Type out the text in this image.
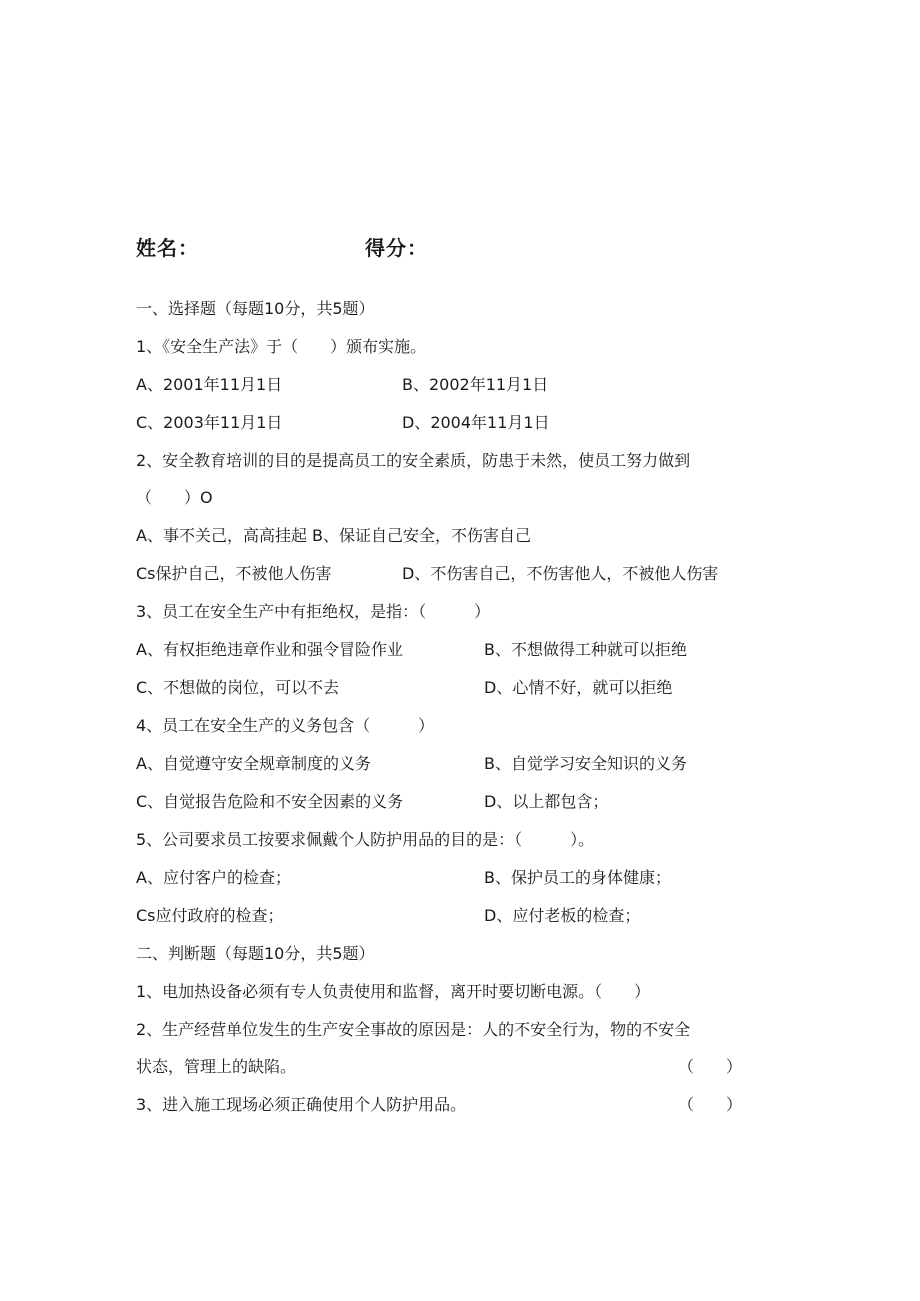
姓名：	得分：
一、选择题（每题10分，共5题）
1、《安全生产法》于（　　）颁布实施。
A、2001年11月1日	B、2002年11月1日
C、2003年11月1日	D、2004年11月1日
2、安全教育培训的目的是提高员工的安全素质，防患于未然，使员工努力做到
（　　）O
A、事不关己，高高挂起 B、保证自己安全，不伤害自己
Cs保护自己，不被他人伤害	D、不伤害自己，不伤害他人，不被他人伤害
3、员工在安全生产中有拒绝权，是指：（　　　）
A、有权拒绝违章作业和强令冒险作业	B、不想做得工种就可以拒绝
C、不想做的岗位，可以不去	D、心情不好，就可以拒绝
4、员工在安全生产的义务包含（　　　）
A、自觉遵守安全规章制度的义务	B、自觉学习安全知识的义务
C、自觉报告危险和不安全因素的义务	D、以上都包含；
5、公司要求员工按要求佩戴个人防护用品的目的是：（　　　）。
A、应付客户的检查；	B、保护员工的身体健康；
Cs应付政府的检查；	D、应付老板的检查；
二、判断题（每题10分，共5题）
1、电加热设备必须有专人负责使用和监督，离开时要切断电源。（　　）
2、生产经营单位发生的生产安全事故的原因是：人的不安全行为，物的不安全
状态，管理上的缺陷。	（　　）
3、进入施工现场必须正确使用个人防护用品。	（　　）
